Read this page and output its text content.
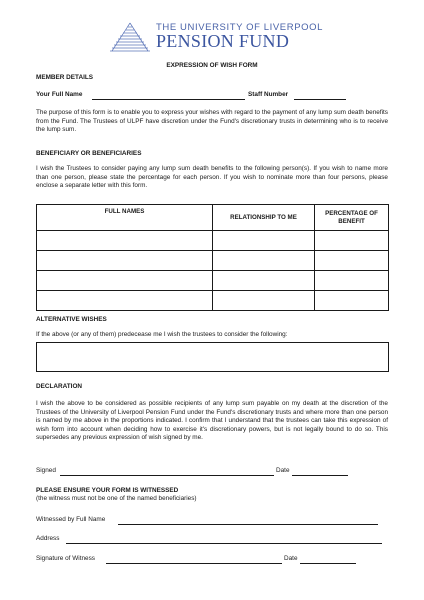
THE UNIVERSITY OF LIVERPOOL
PENSION FUND
EXPRESSION OF WISH FORM
MEMBER DETAILS
Your Full Name	Staff Number
The purpose of this form is to enable you to express your wishes with regard to the payment of any lump sum death benefits from the Fund. The Trustees of ULPF have discretion under the Fund's discretionary trusts in determining who is to receive the lump sum.
BENEFICIARY OR BENEFICIARIES
I wish the Trustees to consider paying any lump sum death benefits to the following person(s). If you wish to name more than one person, please state the percentage for each person. If you wish to nominate more than four persons, please enclose a separate letter with this form.
FULL NAMES	RELATIONSHIP TO ME	PERCENTAGE OF BENEFIT

ALTERNATIVE WISHES
If the above (or any of them) predecease me I wish the trustees to consider the following:
DECLARATION
I wish the above to be considered as possible recipients of any lump sum payable on my death at the discretion of the Trustees of the University of Liverpool Pension Fund under the Fund's discretionary trusts and where more than one person is named by me above in the proportions indicated. I confirm that I understand that the trustees can take this expression of wish form into account when deciding how to exercise it's discretionary powers, but is not legally bound to do so. This supersedes any previous expression of wish signed by me.
Signed	Date
PLEASE ENSURE YOUR FORM IS WITNESSED
(the witness must not be one of the named beneficiaries)
Witnessed by Full Name
Address
Signature of Witness	Date
